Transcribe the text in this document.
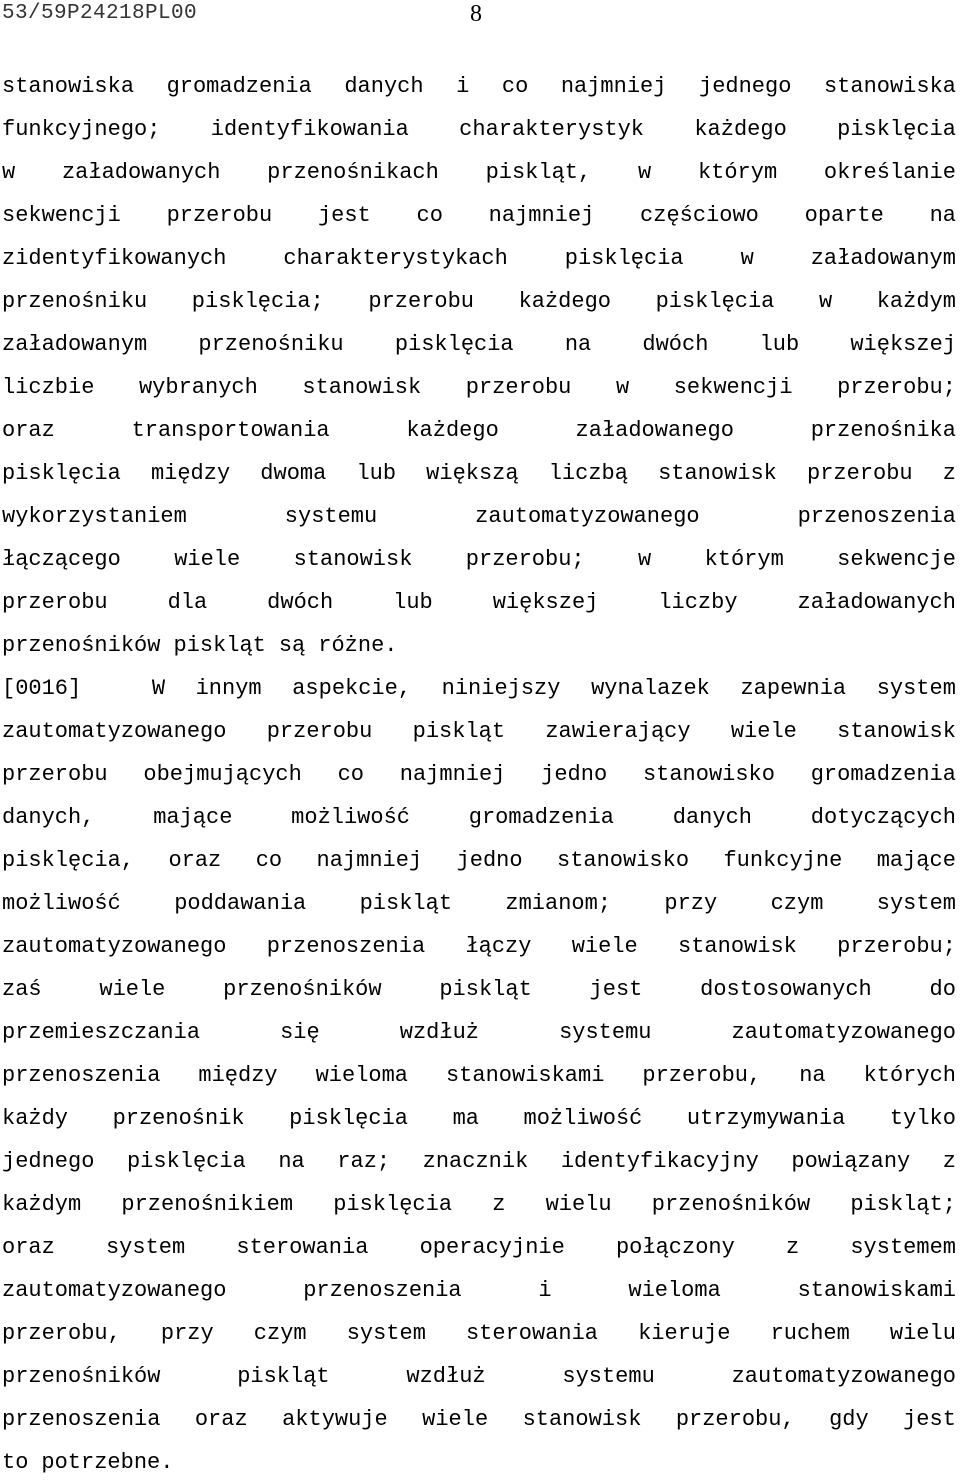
53/59P24218PL00	8
stanowiska gromadzenia danych i co najmniej jednego stanowiska
funkcyjnego; identyfikowania charakterystyk każdego pisklęcia
w załadowanych przenośnikach piskląt, w którym określanie
sekwencji przerobu jest co najmniej częściowo oparte na
zidentyfikowanych	charakterystykach	pisklęcia	w	załadowanym
przenośniku pisklęcia; przerobu każdego pisklęcia w każdym
załadowanym przenośniku pisklęcia na dwóch lub większej
liczbie wybranych stanowisk przerobu w sekwencji przerobu;
oraz	transportowania	każdego	załadowanego	przenośnika
pisklęcia między dwoma lub większą liczbą stanowisk przerobu z
wykorzystaniem	systemu	zautomatyzowanego	przenoszenia
łączącego wiele stanowisk przerobu; w którym sekwencje
przerobu	dla	dwóch	lub	większej	liczby	załadowanych
przenośników piskląt są różne.
[0016]	W innym aspekcie, niniejszy wynalazek zapewnia system
zautomatyzowanego przerobu piskląt zawierający wiele stanowisk
przerobu obejmujących co najmniej jedno stanowisko gromadzenia
danych,	mające	możliwość	gromadzenia	danych	dotyczących
pisklęcia, oraz co najmniej jedno stanowisko funkcyjne mające
możliwość poddawania piskląt zmianom; przy czym system
zautomatyzowanego przenoszenia łączy wiele stanowisk przerobu;
zaś	wiele	przenośników	piskląt	jest	dostosowanych	do
przemieszczania	się	wzdłuż	systemu	zautomatyzowanego
przenoszenia między wieloma stanowiskami przerobu, na których
każdy przenośnik pisklęcia ma możliwość utrzymywania tylko
jednego pisklęcia na raz; znacznik identyfikacyjny powiązany z
każdym przenośnikiem pisklęcia z wielu przenośników piskląt;
oraz system sterowania operacyjnie połączony z systemem
zautomatyzowanego	przenoszenia	i	wieloma	stanowiskami
przerobu, przy czym system sterowania kieruje ruchem wielu
przenośników	piskląt	wzdłuż	systemu	zautomatyzowanego
przenoszenia oraz aktywuje wiele stanowisk przerobu, gdy jest
to potrzebne.
